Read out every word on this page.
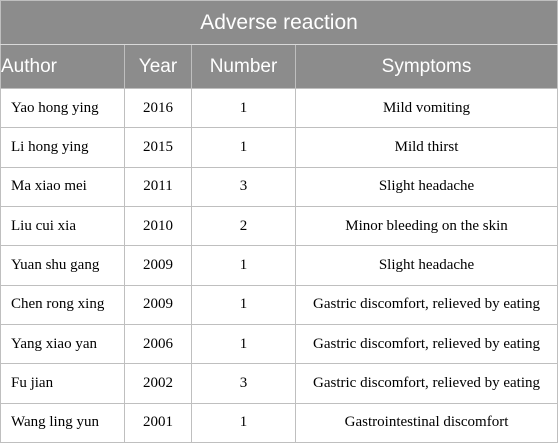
Adverse reaction			
Author	Year	Number	Symptoms
Yao hong ying	2016	1	Mild vomiting
Li hong ying	2015	1	Mild thirst
Ma xiao mei	2011	3	Slight headache
Liu cui xia	2010	2	Minor bleeding on the skin
Yuan shu gang	2009	1	Slight headache
Chen rong xing	2009	1	Gastric discomfort, relieved by eating
Yang xiao yan	2006	1	Gastric discomfort, relieved by eating
Fu jian	2002	3	Gastric discomfort, relieved by eating
Wang ling yun	2001	1	Gastrointestinal discomfort
